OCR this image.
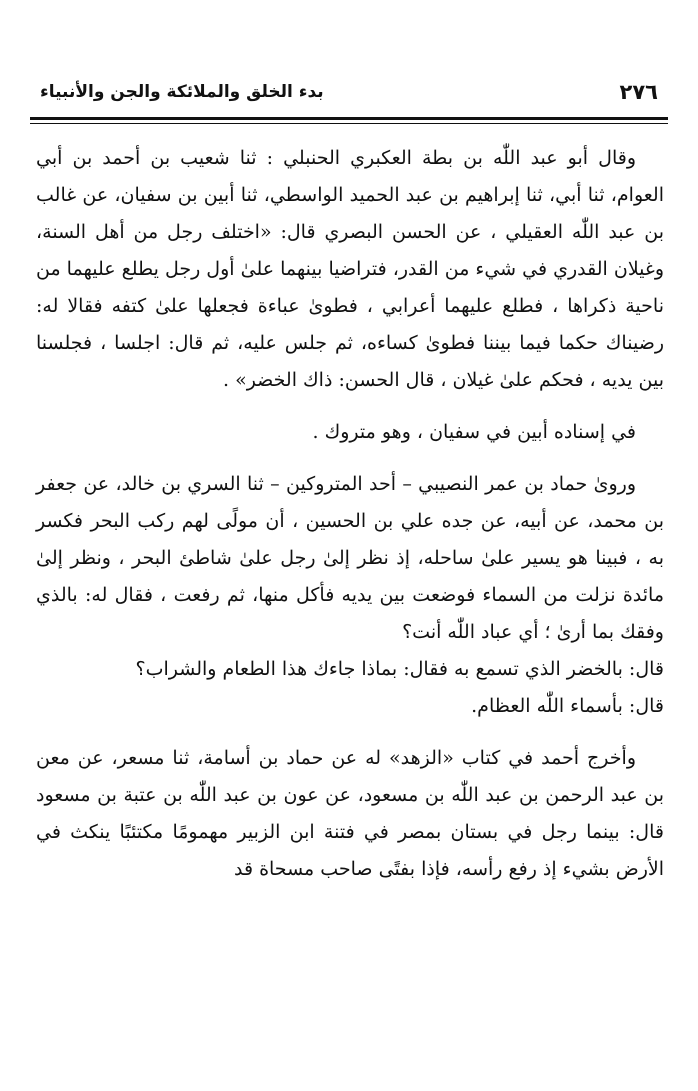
٢٧٦
بدء الخلق والملائكة والجن والأنبياء

وقال أبو عبد اللّٰه بن بطة العكبري الحنبلي : ثنا شعيب بن أحمد بن أبي العوام، ثنا أبي، ثنا إبراهيم بن عبد الحميد الواسطي، ثنا أبين بن سفيان، عن غالب بن عبد اللّٰه العقيلي ، عن الحسن البصري قال: «اختلف رجل من أهل السنة، وغيلان القدري في شيء من القدر، فتراضيا بينهما علىٰ أول رجل يطلع عليهما من ناحية ذكراها ، فطلع عليهما أعرابي ، فطوىٰ عباءة فجعلها علىٰ كتفه فقالا له: رضيناك حكما فيما بيننا فطوىٰ كساءه، ثم جلس عليه، ثم قال: اجلسا ، فجلسنا بين يديه ، فحكم علىٰ غيلان ، قال الحسن: ذاك الخضر» .

في إسناده أبين في سفيان ، وهو متروك .

ورویٰ حماد بن عمر النصيبي – أحد المتروكين – ثنا السري بن خالد، عن جعفر بن محمد، عن أبيه، عن جده علي بن الحسين ، أن مولًى لهم ركب البحر فكسر به ، فبينا هو يسير علىٰ ساحله، إذ نظر إلىٰ رجل علىٰ شاطئ البحر ، ونظر إلىٰ مائدة نزلت من السماء فوضعت بين يديه فأكل منها، ثم رفعت ، فقال له: بالذي وفقك بما أرىٰ ؛ أي عباد اللّٰه أنت؟

قال: بالخضر الذي تسمع به فقال: بماذا جاءك هذا الطعام والشراب؟

قال: بأسماء اللّٰه العظام.

وأخرج أحمد في كتاب «الزهد» له عن حماد بن أسامة، ثنا مسعر، عن معن بن عبد الرحمن بن عبد اللّٰه بن مسعود، عن عون بن عبد اللّٰه بن عتبة بن مسعود قال: بينما رجل في بستان بمصر في فتنة ابن الزبير مهمومًا مكتئبًا ينكث في الأرض بشيء إذ رفع رأسه، فإذا بفتًى صاحب مسحاة قد
